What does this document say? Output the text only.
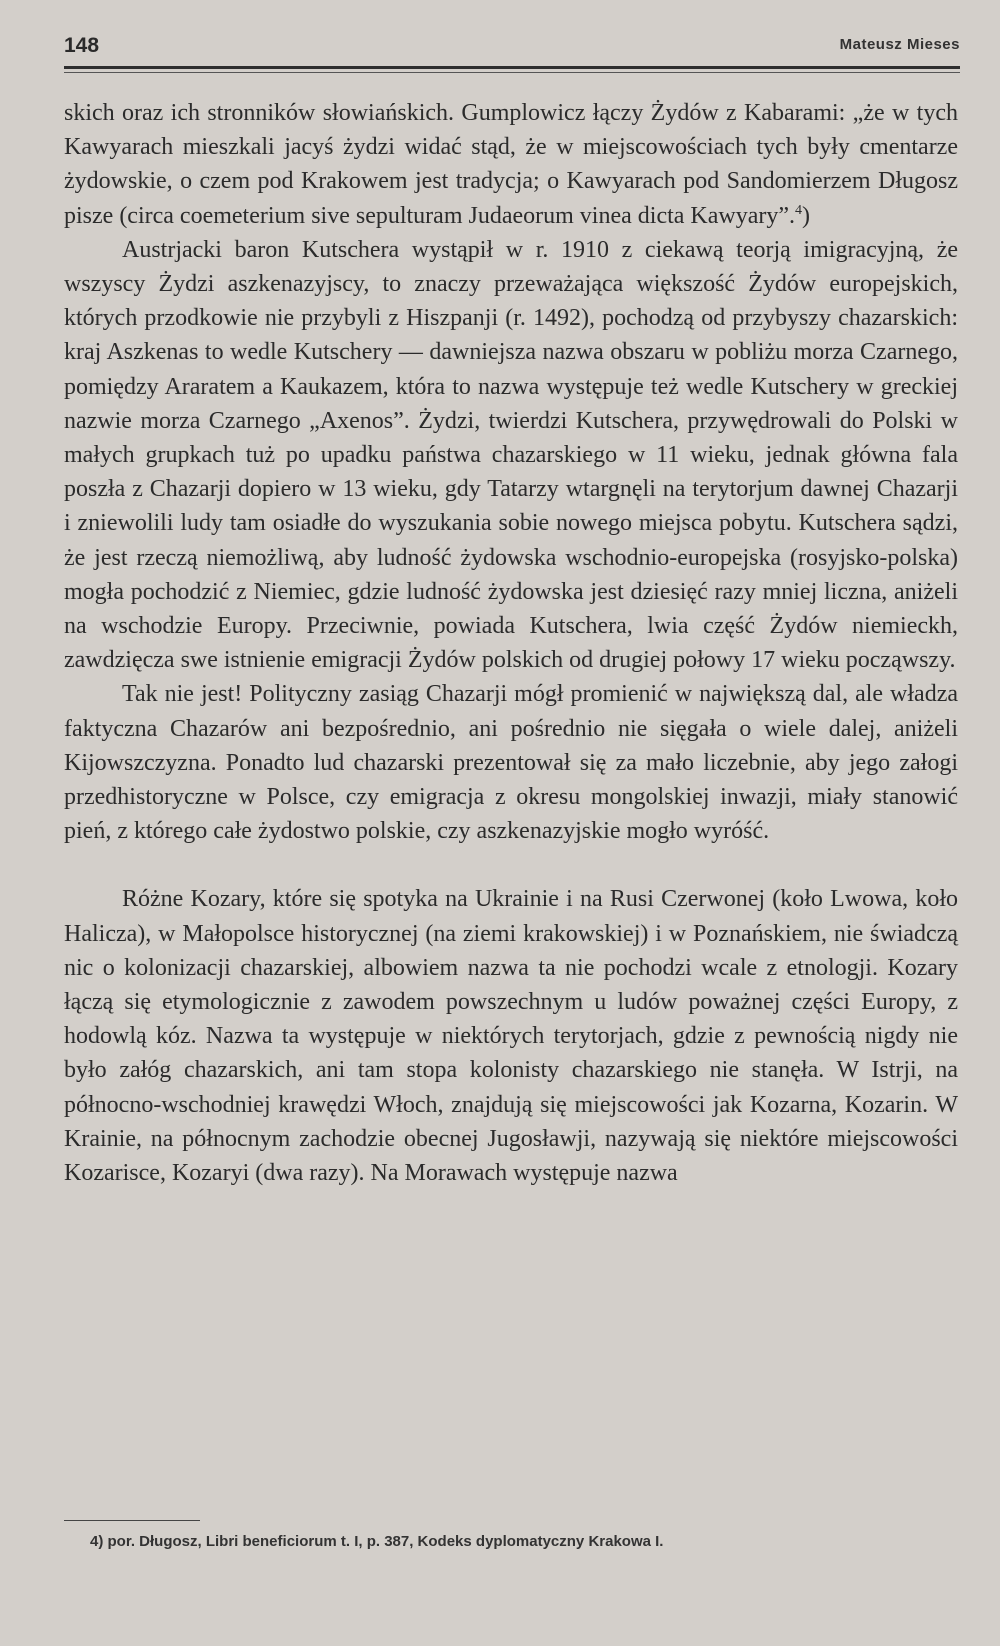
148	Mateusz Mieses

skich oraz ich stronników słowiańskich. Gumplowicz łączy Żydów z Kabarami: „że w tych Kawyarach mieszkali jacyś żydzi widać stąd, że w miejscowościach tych były cmentarze żydowskie, o czem pod Krakowem jest tradycja; o Kawyarach pod Sandomierzem Długosz pisze (circa coemeterium sive sepulturam Judaeorum vinea dicta Kawyary”.$^4$)

Austrjacki baron Kutschera wystąpił w r. 1910 z ciekawą teorją imigracyjną, że wszyscy Żydzi aszkenazyjscy, to znaczy przeważająca większość Żydów europejskich, których przodkowie nie przybyli z Hiszpanji (r. 1492), pochodzą od przybyszy chazarskich: kraj Aszkenas to wedle Kutschery — dawniejsza nazwa obszaru w pobliżu morza Czarnego, pomiędzy Araratem a Kaukazem, która to nazwa występuje też wedle Kutschery w greckiej nazwie morza Czarnego „Axenos”. Żydzi, twierdzi Kutschera, przywędrowali do Polski w małych grupkach tuż po upadku państwa chazarskiego w 11 wieku, jednak główna fala poszła z Chazarji dopiero w 13 wieku, gdy Tatarzy wtargnęli na terytorjum dawnej Chazarji i zniewolili ludy tam osiadłe do wyszukania sobie nowego miejsca pobytu. Kutschera sądzi, że jest rzeczą niemożliwą, aby ludność żydowska wschodnio-europejska (rosyjsko-polska) mogła pochodzić z Niemiec, gdzie ludność żydowska jest dziesięć razy mniej liczna, aniżeli na wschodzie Europy. Przeciwnie, powiada Kutschera, lwia część Żydów niemieckh, zawdzięcza swe istnienie emigracji Żydów polskich od drugiej połowy 17 wieku począwszy.

Tak nie jest! Polityczny zasiąg Chazarji mógł promienić w największą dal, ale władza faktyczna Chazarów ani bezpośrednio, ani pośrednio nie sięgała o wiele dalej, aniżeli Kijowszczyzna. Ponadto lud chazarski prezentował się za mało liczebnie, aby jego załogi przedhistoryczne w Polsce, czy emigracja z okresu mongolskiej inwazji, miały stanowić pień, z którego całe żydostwo polskie, czy aszkenazyjskie mogło wyróść.

Różne Kozary, które się spotyka na Ukrainie i na Rusi Czerwonej (koło Lwowa, koło Halicza), w Małopolsce historycznej (na ziemi krakowskiej) i w Poznańskiem, nie świadczą nic o kolonizacji chazarskiej, albowiem nazwa ta nie pochodzi wcale z etnologji. Kozary łączą się etymologicznie z zawodem powszechnym u ludów poważnej części Europy, z hodowlą kóz. Nazwa ta występuje w niektórych terytorjach, gdzie z pewnością nigdy nie było załóg chazarskich, ani tam stopa kolonisty chazarskiego nie stanęła. W Istrji, na północno-wschodniej krawędzi Włoch, znajdują się miejscowości jak Kozarna, Kozarin. W Krainie, na północnym zachodzie obecnej Jugosławji, nazywają się niektóre miejscowości Kozarisce, Kozaryi (dwa razy). Na Morawach występuje nazwa

4) por. Długosz, Libri beneficiorum t. I, p. 387, Kodeks dyplomatyczny Krakowa I.
